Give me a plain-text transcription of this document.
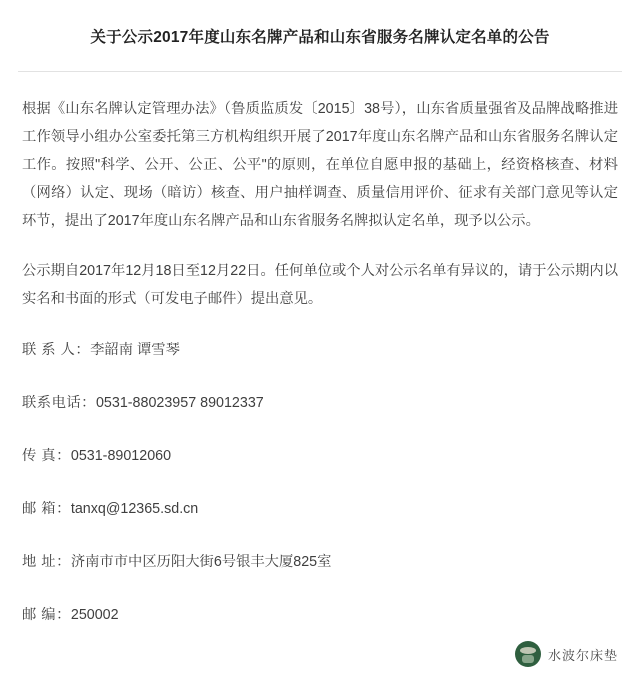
关于公示2017年度山东名牌产品和山东省服务名牌认定名单的公告

根据《山东名牌认定管理办法》（鲁质监质发〔2015〕38号），山东省质量强省及品牌战略推进工作领导小组办公室委托第三方机构组织开展了2017年度山东名牌产品和山东省服务名牌认定工作。按照"科学、公开、公正、公平"的原则，在单位自愿申报的基础上，经资格核查、材料（网络）认定、现场（暗访）核查、用户抽样调查、质量信用评价、征求有关部门意见等认定环节，提出了2017年度山东名牌产品和山东省服务名牌拟认定名单，现予以公示。

公示期自2017年12月18日至12月22日。任何单位或个人对公示名单有异议的，请于公示期内以实名和书面的形式（可发电子邮件）提出意见。

联 系 人：李韶南 谭雪琴
联系电话：0531-88023957 89012337
传 真：0531-89012060
邮 箱：tanxq@12365.sd.cn
地 址：济南市市中区历阳大街6号银丰大厦825室
邮 编：250002
水波尔床垫
